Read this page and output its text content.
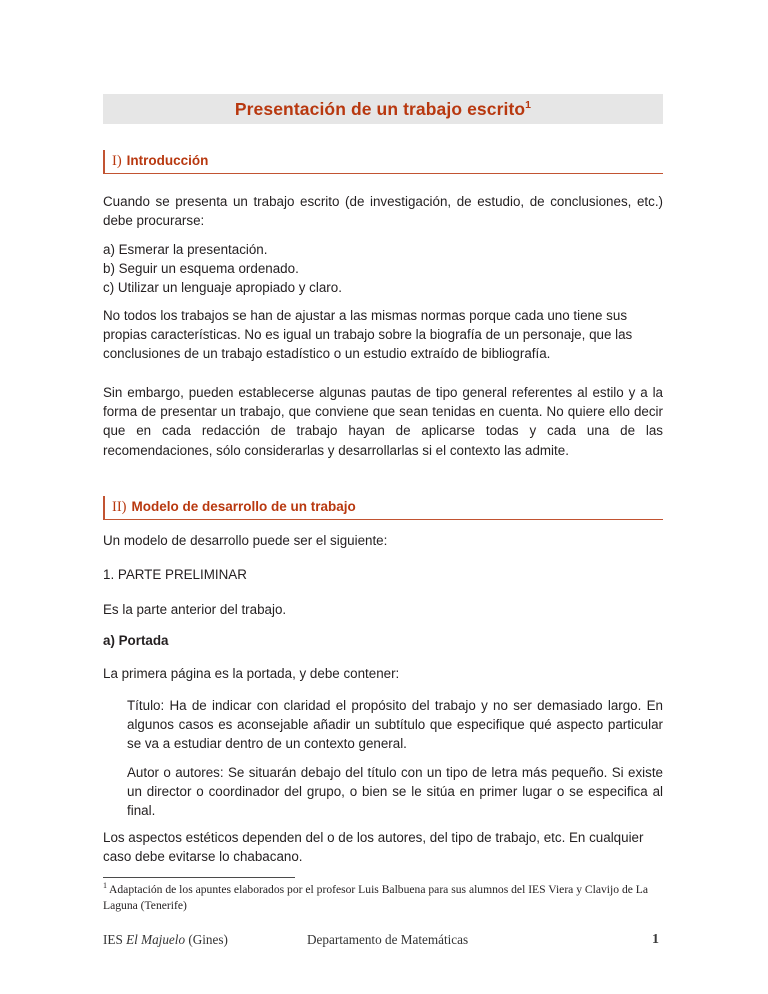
Presentación de un trabajo escrito$^1$
I) Introducción
Cuando se presenta un trabajo escrito (de investigación, de estudio, de conclusiones, etc.) debe procurarse:
a) Esmerar la presentación.
b) Seguir un esquema ordenado.
c) Utilizar un lenguaje apropiado y claro.
No todos los trabajos se han de ajustar a las mismas normas porque cada uno tiene sus propias características. No es igual un trabajo sobre la biografía de un personaje, que las conclusiones de un trabajo estadístico o un estudio extraído de bibliografía.
Sin embargo, pueden establecerse algunas pautas de tipo general referentes al estilo y a la forma de presentar un trabajo, que conviene que sean tenidas en cuenta. No quiere ello decir que en cada redacción de trabajo hayan de aplicarse todas y cada una de las recomendaciones, sólo considerarlas y desarrollarlas si el contexto las admite.
II) Modelo de desarrollo de un trabajo
Un modelo de desarrollo puede ser el siguiente:
1. PARTE PRELIMINAR
Es la parte anterior del trabajo.
a) Portada
La primera página es la portada, y debe contener:
Título: Ha de indicar con claridad el propósito del trabajo y no ser demasiado largo. En algunos casos es aconsejable añadir un subtítulo que especifique qué aspecto particular se va a estudiar dentro de un contexto general.
Autor o autores: Se situarán debajo del título con un tipo de letra más pequeño. Si existe un director o coordinador del grupo, o bien se le sitúa en primer lugar o se especifica al final.
Los aspectos estéticos dependen del o de los autores, del tipo de trabajo, etc. En cualquier caso debe evitarse lo chabacano.
$^1$ Adaptación de los apuntes elaborados por el profesor Luis Balbuena para sus alumnos del IES Viera y Clavijo de La Laguna (Tenerife)
IES El Majuelo (Gines)	Departamento de Matemáticas	1
